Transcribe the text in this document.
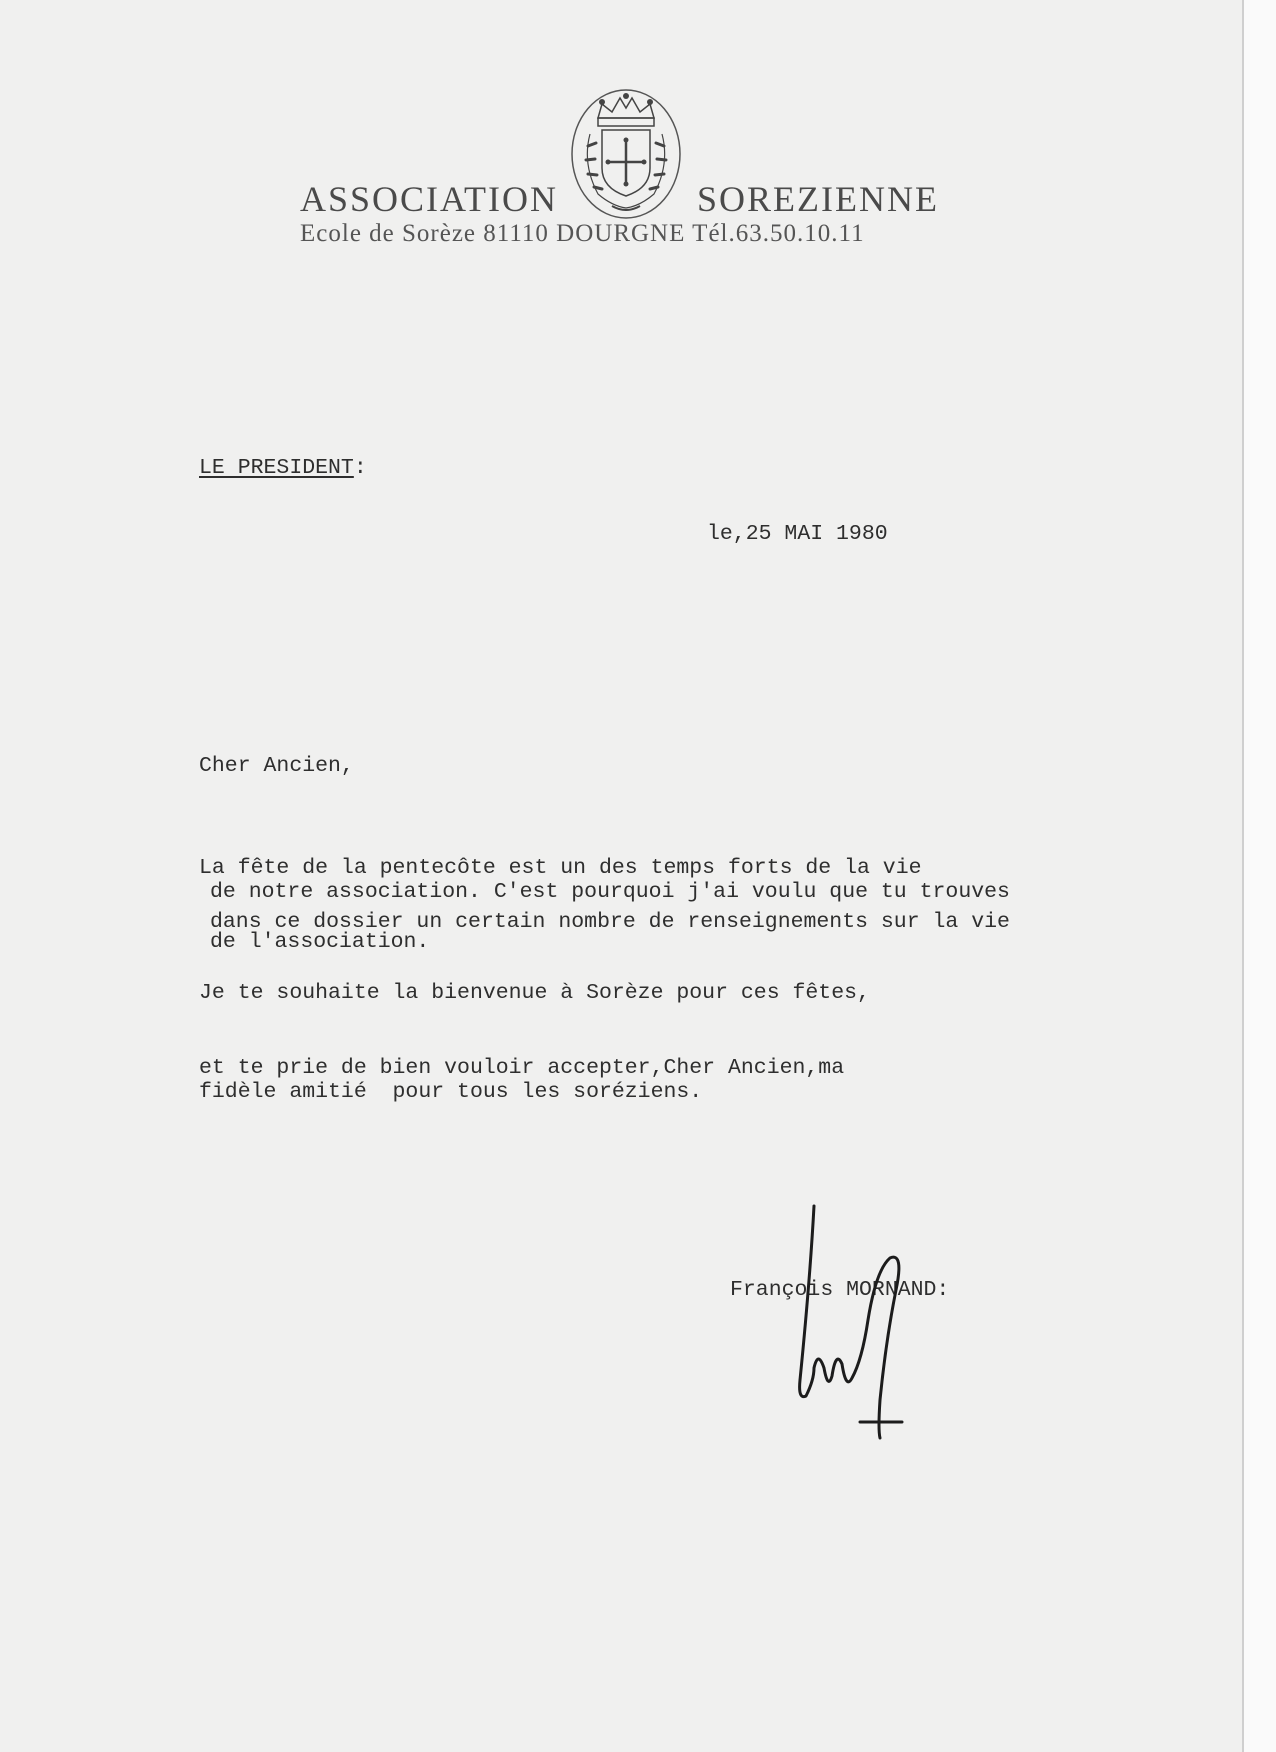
ASSOCIATION	SOREZIENNE
Ecole de Sorèze 81110 DOURGNE Tél.63.50.10.11
LE PRESIDENT:
le,25 MAI 1980
Cher Ancien,
La fête de la pentecôte est un des temps forts de la vie
de notre association. C'est pourquoi j'ai voulu que tu trouves
dans ce dossier un certain nombre de renseignements sur la vie
de l'association.
Je te souhaite la bienvenue à Sorèze pour ces fêtes,
et te prie de bien vouloir accepter,Cher Ancien,ma
fidèle amitié  pour tous les soréziens.
François MORNAND:
